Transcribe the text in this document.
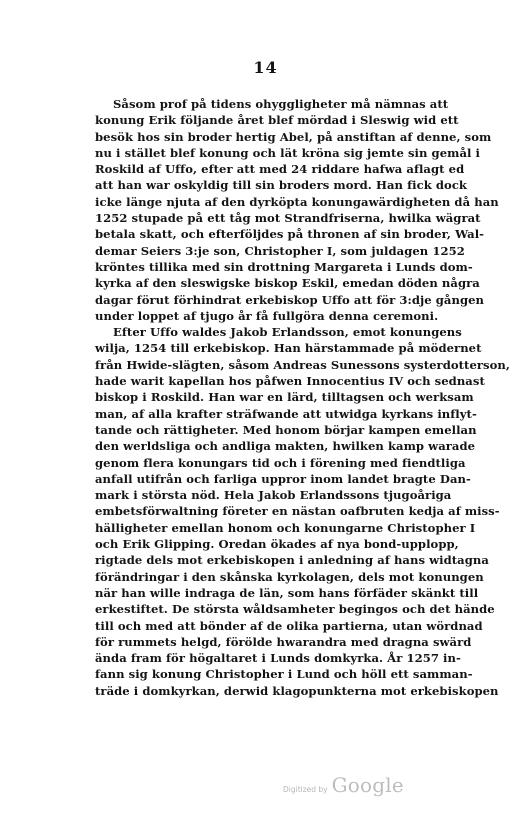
14
Såsom prof på tidens ohyggligheter må nämnas att
konung Erik följande året blef mördad i Sleswig wid ett
besök hos sin broder hertig Abel, på anstiftan af denne, som
nu i stället blef konung och lät kröna sig jemte sin gemål i
Roskild af Uffo, efter att med 24 riddare hafwa aflagt ed
att han war oskyldig till sin broders mord. Han fick dock
icke länge njuta af den dyrköpta konungawärdigheten då han
1252 stupade på ett tåg mot Strandfriserna, hwilka wägrat
betala skatt, och efterföljdes på thronen af sin broder, Wal-
demar Seiers 3:je son, Christopher I, som juldagen 1252
kröntes tillika med sin drottning Margareta i Lunds dom-
kyrka af den sleswigske biskop Eskil, emedan döden några
dagar förut förhindrat erkebiskop Uffo att för 3:dje gången
under loppet af tjugo år få fullgöra denna ceremoni.
Efter Uffo waldes Jakob Erlandsson, emot konungens
wilja, 1254 till erkebiskop. Han härstammade på mödernet
från Hwide-slägten, såsom Andreas Sunessons systerdotterson,
hade warit kapellan hos påfwen Innocentius IV och sednast
biskop i Roskild. Han war en lärd, tilltagsen och werksam
man, af alla krafter sträfwande att utwidga kyrkans inflyt-
tande och rättigheter. Med honom börjar kampen emellan
den werldsliga och andliga makten, hwilken kamp warade
genom flera konungars tid och i förening med fiendtliga
anfall utifrån och farliga uppror inom landet bragte Dan-
mark i största nöd. Hela Jakob Erlandssons tjugoåriga
embetsförwaltning företer en nästan oafbruten kedja af miss-
hälligheter emellan honom och konungarne Christopher I
och Erik Glipping. Oredan ökades af nya bond-upplopp,
rigtade dels mot erkebiskopen i anledning af hans widtagna
förändringar i den skånska kyrkolagen, dels mot konungen
när han wille indraga de län, som hans förfäder skänkt till
erkestiftet. De största wåldsamheter begingos och det hände
till och med att bönder af de olika partierna, utan wördnad
för rummets helgd, förölde hwarandra med dragna swärd
ända fram för högaltaret i Lunds domkyrka. År 1257 in-
fann sig konung Christopher i Lund och höll ett samman-
träde i domkyrkan, derwid klagopunkterna mot erkebiskopen
Digitized by Google
